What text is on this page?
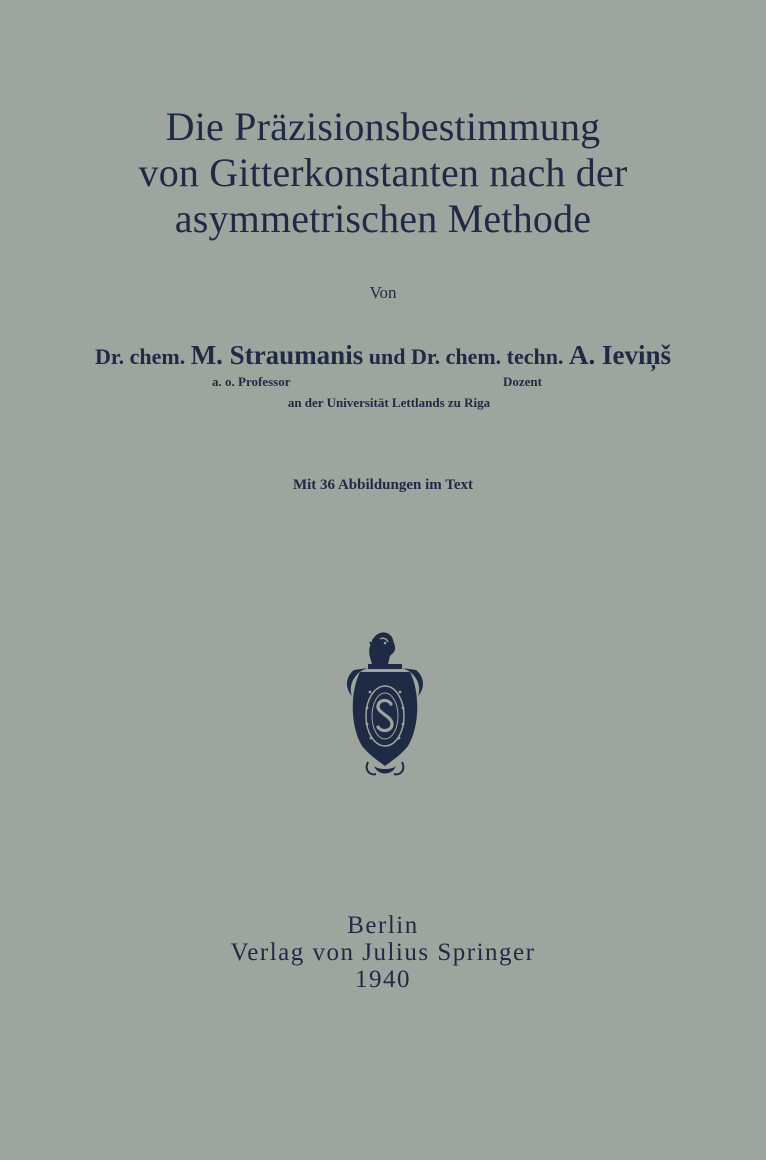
Die Präzisionsbestimmung
von Gitterkonstanten nach der
asymmetrischen Methode
Von
Dr. chem. M. Straumanis und Dr. chem. techn. A. Ieviņš
a. o. Professor	Dozent
an der Universität Lettlands zu Riga
Mit 36 Abbildungen im Text
Berlin
Verlag von Julius Springer
1940
